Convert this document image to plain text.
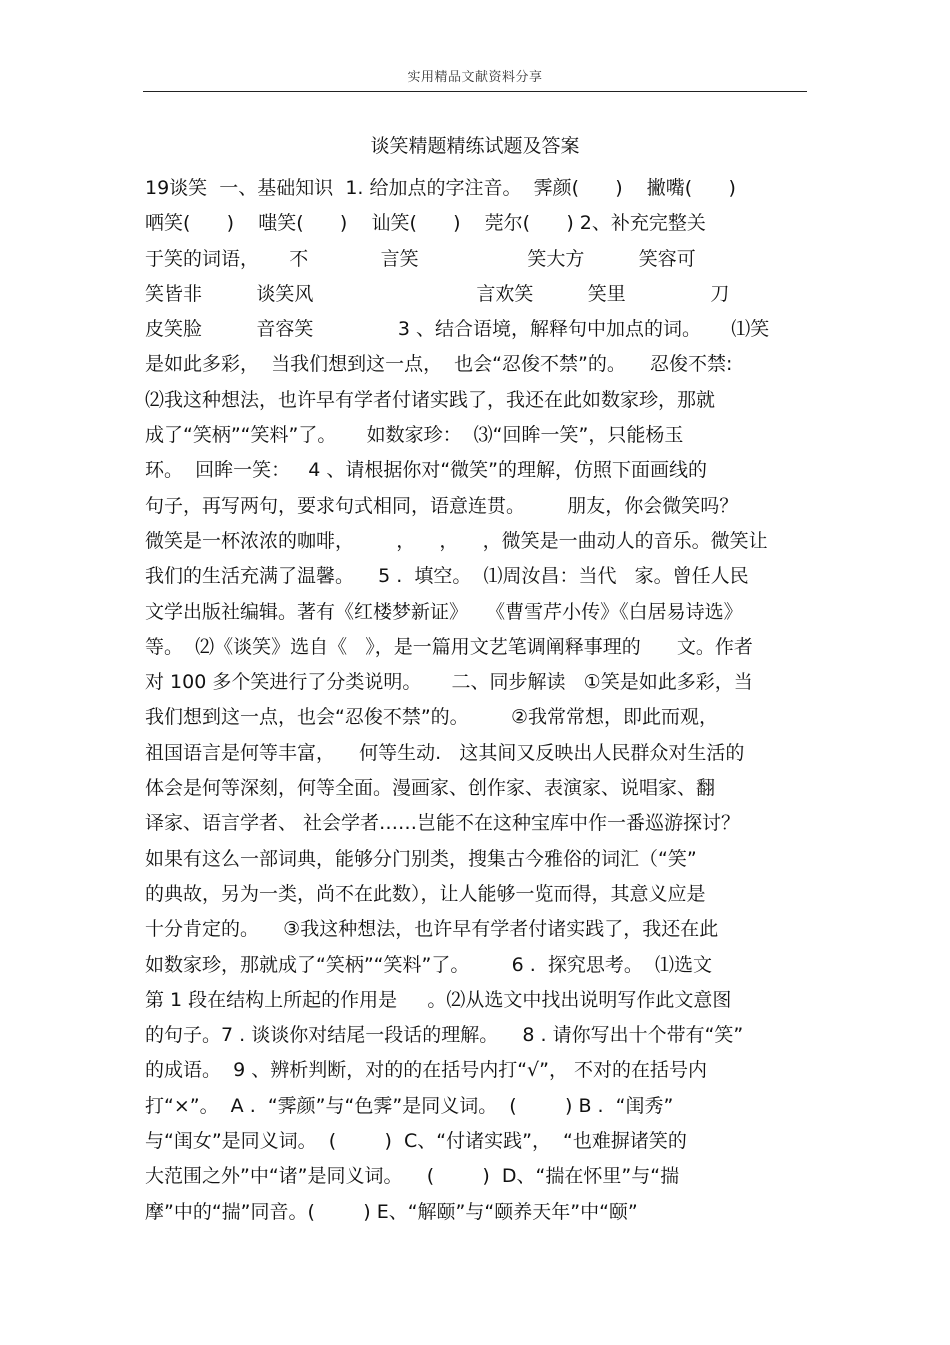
实用精品文献资料分享
谈笑精题精练试题及答案
19谈笑  一、基础知识  1. 给加点的字注音。  霁颜(      )    撇嘴(      )
哂笑(      )    嗤笑(      )    讪笑(      )    莞尔(      ) 2、补充完整关
于笑的词语，     不            言笑                  笑大方         笑容可
笑皆非         谈笑风                           言欢笑         笑里              刀
皮笑脸         音容笑              3 、结合语境，解释句中加点的词。     ⑴笑
是如此多彩，  当我们想到这一点，  也会“忍俊不禁”的。    忍俊不禁:
⑵我这种想法，也许早有学者付诸实践了，我还在此如数家珍，那就
成了“笑柄”“笑料”了。     如数家珍：  ⑶“回眸一笑”，只能杨玉
环。  回眸一笑：   4 、请根据你对“微笑”的理解，仿照下面画线的
句子，再写两句，要求句式相同，语意连贯。       朋友，你会微笑吗？
微笑是一杯浓浓的咖啡，       ，    ，    ，微笑是一曲动人的音乐。微笑让
我们的生活充满了温馨。    5 .  填空。  ⑴周汝昌：当代   家。曾任人民
文学出版社编辑。著有《红楼梦新证》   《曹雪芹小传》《白居易诗选》
等。  ⑵《谈笑》选自《   》，是一篇用文艺笔调阐释事理的      文。作者
对 100 多个笑进行了分类说明。     二、同步解读   ①笑是如此多彩，当
我们想到这一点，也会“忍俊不禁”的。       ②我常常想，即此而观，
祖国语言是何等丰富，    何等生动.   这其间又反映出人民群众对生活的
体会是何等深刻，何等全面。漫画家、创作家、表演家、说唱家、翻
译家、语言学者、 社会学者……岂能不在这种宝库中作一番巡游探讨？
如果有这么一部词典，能够分门别类，搜集古今雅俗的词汇（“笑”
的典故，另为一类，尚不在此数），让人能够一览而得，其意义应是
十分肯定的。    ③我这种想法，也许早有学者付诸实践了，我还在此
如数家珍，那就成了“笑柄”“笑料”了。       6 .  探究思考。  ⑴选文
第 1 段在结构上所起的作用是     。⑵从选文中找出说明写作此文意图
的句子。7 . 谈谈你对结尾一段话的理解。    8 . 请你写出十个带有“笑”
的成语。  9 、辨析判断，对的的在括号内打“√”， 不对的在括号内
打“×”。  A .  “霁颜”与“色霁”是同义词。  (        ) B .  “闺秀”
与“闺女”是同义词。  (        )  C、“付诸实践”，  “也难摒诸笑的
大范围之外”中“诸”是同义词。    (        )  D、“揣在怀里”与“揣
摩”中的“揣”同音。(        ) E、“解颐”与“颐养天年”中“颐”
